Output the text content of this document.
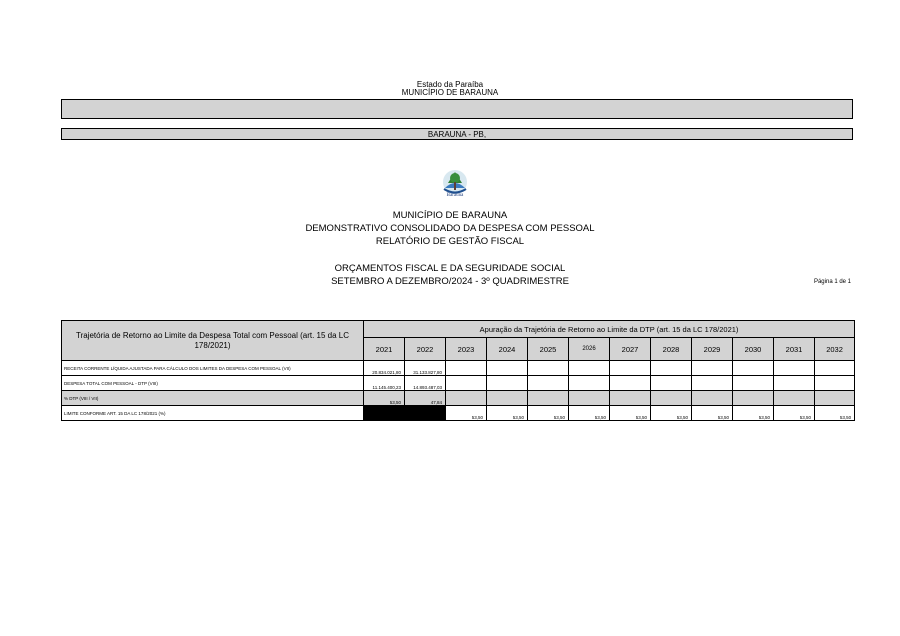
Estado da Paraíba
MUNICÍPIO DE BARAUNA
BARAUNA - PB,
Baraúna
MUNICÍPIO DE BARAUNA
DEMONSTRATIVO CONSOLIDADO DA DESPESA COM PESSOAL
RELATÓRIO DE GESTÃO FISCAL
ORÇAMENTOS FISCAL E DA SEGURIDADE SOCIAL
SETEMBRO A DEZEMBRO/2024 - 3º QUADRIMESTRE	Página 1 de 1
Trajetória de Retorno ao Limite da Despesa Total com Pessoal (art. 15 da LC 178/2021)	Apuração da Trajetória de Retorno ao Limite da DTP (art. 15 da LC 178/2021)											
	2021	2022	2023	2024	2025	2026	2027	2028	2029	2030	2031	2032
RECEITA CORRENTE LÍQUIDA AJUSTADA PARA CÁLCULO DOS LIMITES DA DESPESA COM PESSOAL (VII)	20.834.021,80	31.133.827,80										
DESPESA TOTAL COM PESSOAL - DTP (VIII)	11.145.400,23	14.893.487,03										
% DTP (VIII / VII)	53,50	47,84										
LIMITE CONFORME ART. 15 DA LC 178/2021 (%)			53,50	53,50	53,50	53,50	53,50	53,50	53,50	53,50	53,50	53,50
